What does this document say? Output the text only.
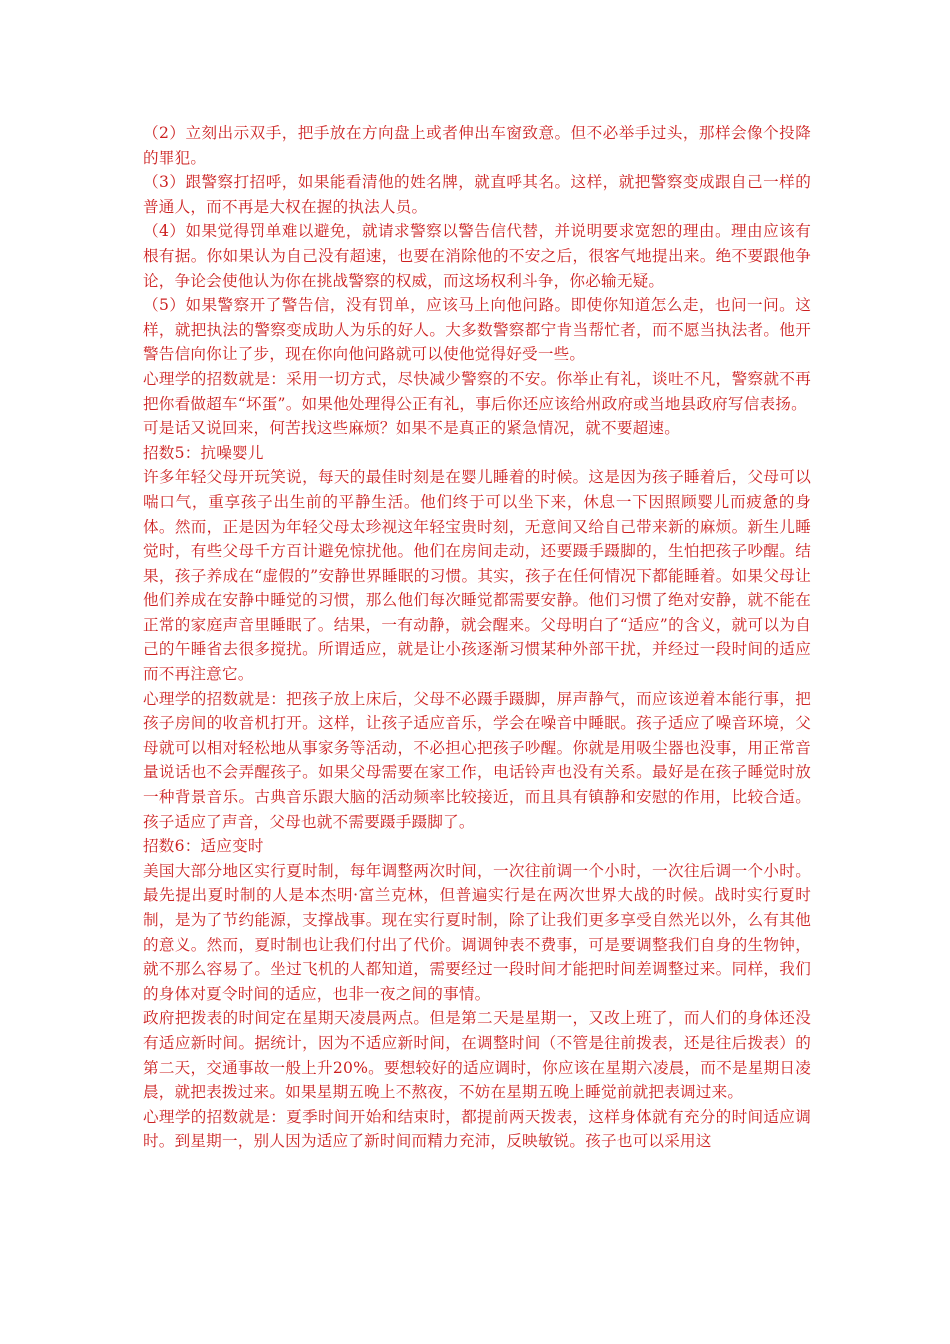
（2）立刻出示双手，把手放在方向盘上或者伸出车窗致意。但不必举手过头，那样会像个投降的罪犯。

（3）跟警察打招呼，如果能看清他的姓名牌，就直呼其名。这样，就把警察变成跟自己一样的普通人，而不再是大权在握的执法人员。

（4）如果觉得罚单难以避免，就请求警察以警告信代替，并说明要求宽恕的理由。理由应该有根有据。你如果认为自己没有超速，也要在消除他的不安之后，很客气地提出来。绝不要跟他争论，争论会使他认为你在挑战警察的权威，而这场权利斗争，你必输无疑。

（5）如果警察开了警告信，没有罚单，应该马上向他问路。即使你知道怎么走，也问一问。这样，就把执法的警察变成助人为乐的好人。大多数警察都宁肯当帮忙者，而不愿当执法者。他开警告信向你让了步，现在你向他问路就可以使他觉得好受一些。

心理学的招数就是：采用一切方式，尽快减少警察的不安。你举止有礼，谈吐不凡，警察就不再把你看做超车“坏蛋”。如果他处理得公正有礼，事后你还应该给州政府或当地县政府写信表扬。

可是话又说回来，何苦找这些麻烦？如果不是真正的紧急情况，就不要超速。

招数5：抗噪婴儿

许多年轻父母开玩笑说，每天的最佳时刻是在婴儿睡着的时候。这是因为孩子睡着后，父母可以喘口气，重享孩子出生前的平静生活。他们终于可以坐下来，休息一下因照顾婴儿而疲惫的身体。然而，正是因为年轻父母太珍视这年轻宝贵时刻，无意间又给自己带来新的麻烦。新生儿睡觉时，有些父母千方百计避免惊扰他。他们在房间走动，还要蹑手蹑脚的，生怕把孩子吵醒。结果，孩子养成在“虚假的”安静世界睡眠的习惯。其实，孩子在任何情况下都能睡着。如果父母让他们养成在安静中睡觉的习惯，那么他们每次睡觉都需要安静。他们习惯了绝对安静，就不能在正常的家庭声音里睡眠了。结果，一有动静，就会醒来。父母明白了“适应”的含义，就可以为自己的午睡省去很多搅扰。所谓适应，就是让小孩逐渐习惯某种外部干扰，并经过一段时间的适应而不再注意它。

心理学的招数就是：把孩子放上床后，父母不必蹑手蹑脚，屏声静气，而应该逆着本能行事，把孩子房间的收音机打开。这样，让孩子适应音乐，学会在噪音中睡眠。孩子适应了噪音环境，父母就可以相对轻松地从事家务等活动，不必担心把孩子吵醒。你就是用吸尘器也没事，用正常音量说话也不会弄醒孩子。如果父母需要在家工作，电话铃声也没有关系。最好是在孩子睡觉时放一种背景音乐。古典音乐跟大脑的活动频率比较接近，而且具有镇静和安慰的作用，比较合适。孩子适应了声音，父母也就不需要蹑手蹑脚了。

招数6：适应变时

美国大部分地区实行夏时制，每年调整两次时间，一次往前调一个小时，一次往后调一个小时。最先提出夏时制的人是本杰明·富兰克林，但普遍实行是在两次世界大战的时候。战时实行夏时制，是为了节约能源，支撑战事。现在实行夏时制，除了让我们更多享受自然光以外，么有其他的意义。然而，夏时制也让我们付出了代价。调调钟表不费事，可是要调整我们自身的生物钟，就不那么容易了。坐过飞机的人都知道，需要经过一段时间才能把时间差调整过来。同样，我们的身体对夏令时间的适应，也非一夜之间的事情。

政府把拨表的时间定在星期天凌晨两点。但是第二天是星期一，又改上班了，而人们的身体还没有适应新时间。据统计，因为不适应新时间，在调整时间（不管是往前拨表，还是往后拨表）的第二天，交通事故一般上升20%。要想较好的适应调时，你应该在星期六凌晨，而不是星期日凌晨，就把表拨过来。如果星期五晚上不熬夜，不妨在星期五晚上睡觉前就把表调过来。

心理学的招数就是：夏季时间开始和结束时，都提前两天拨表，这样身体就有充分的时间适应调时。到星期一，别人因为适应了新时间而精力充沛，反映敏锐。孩子也可以采用这
